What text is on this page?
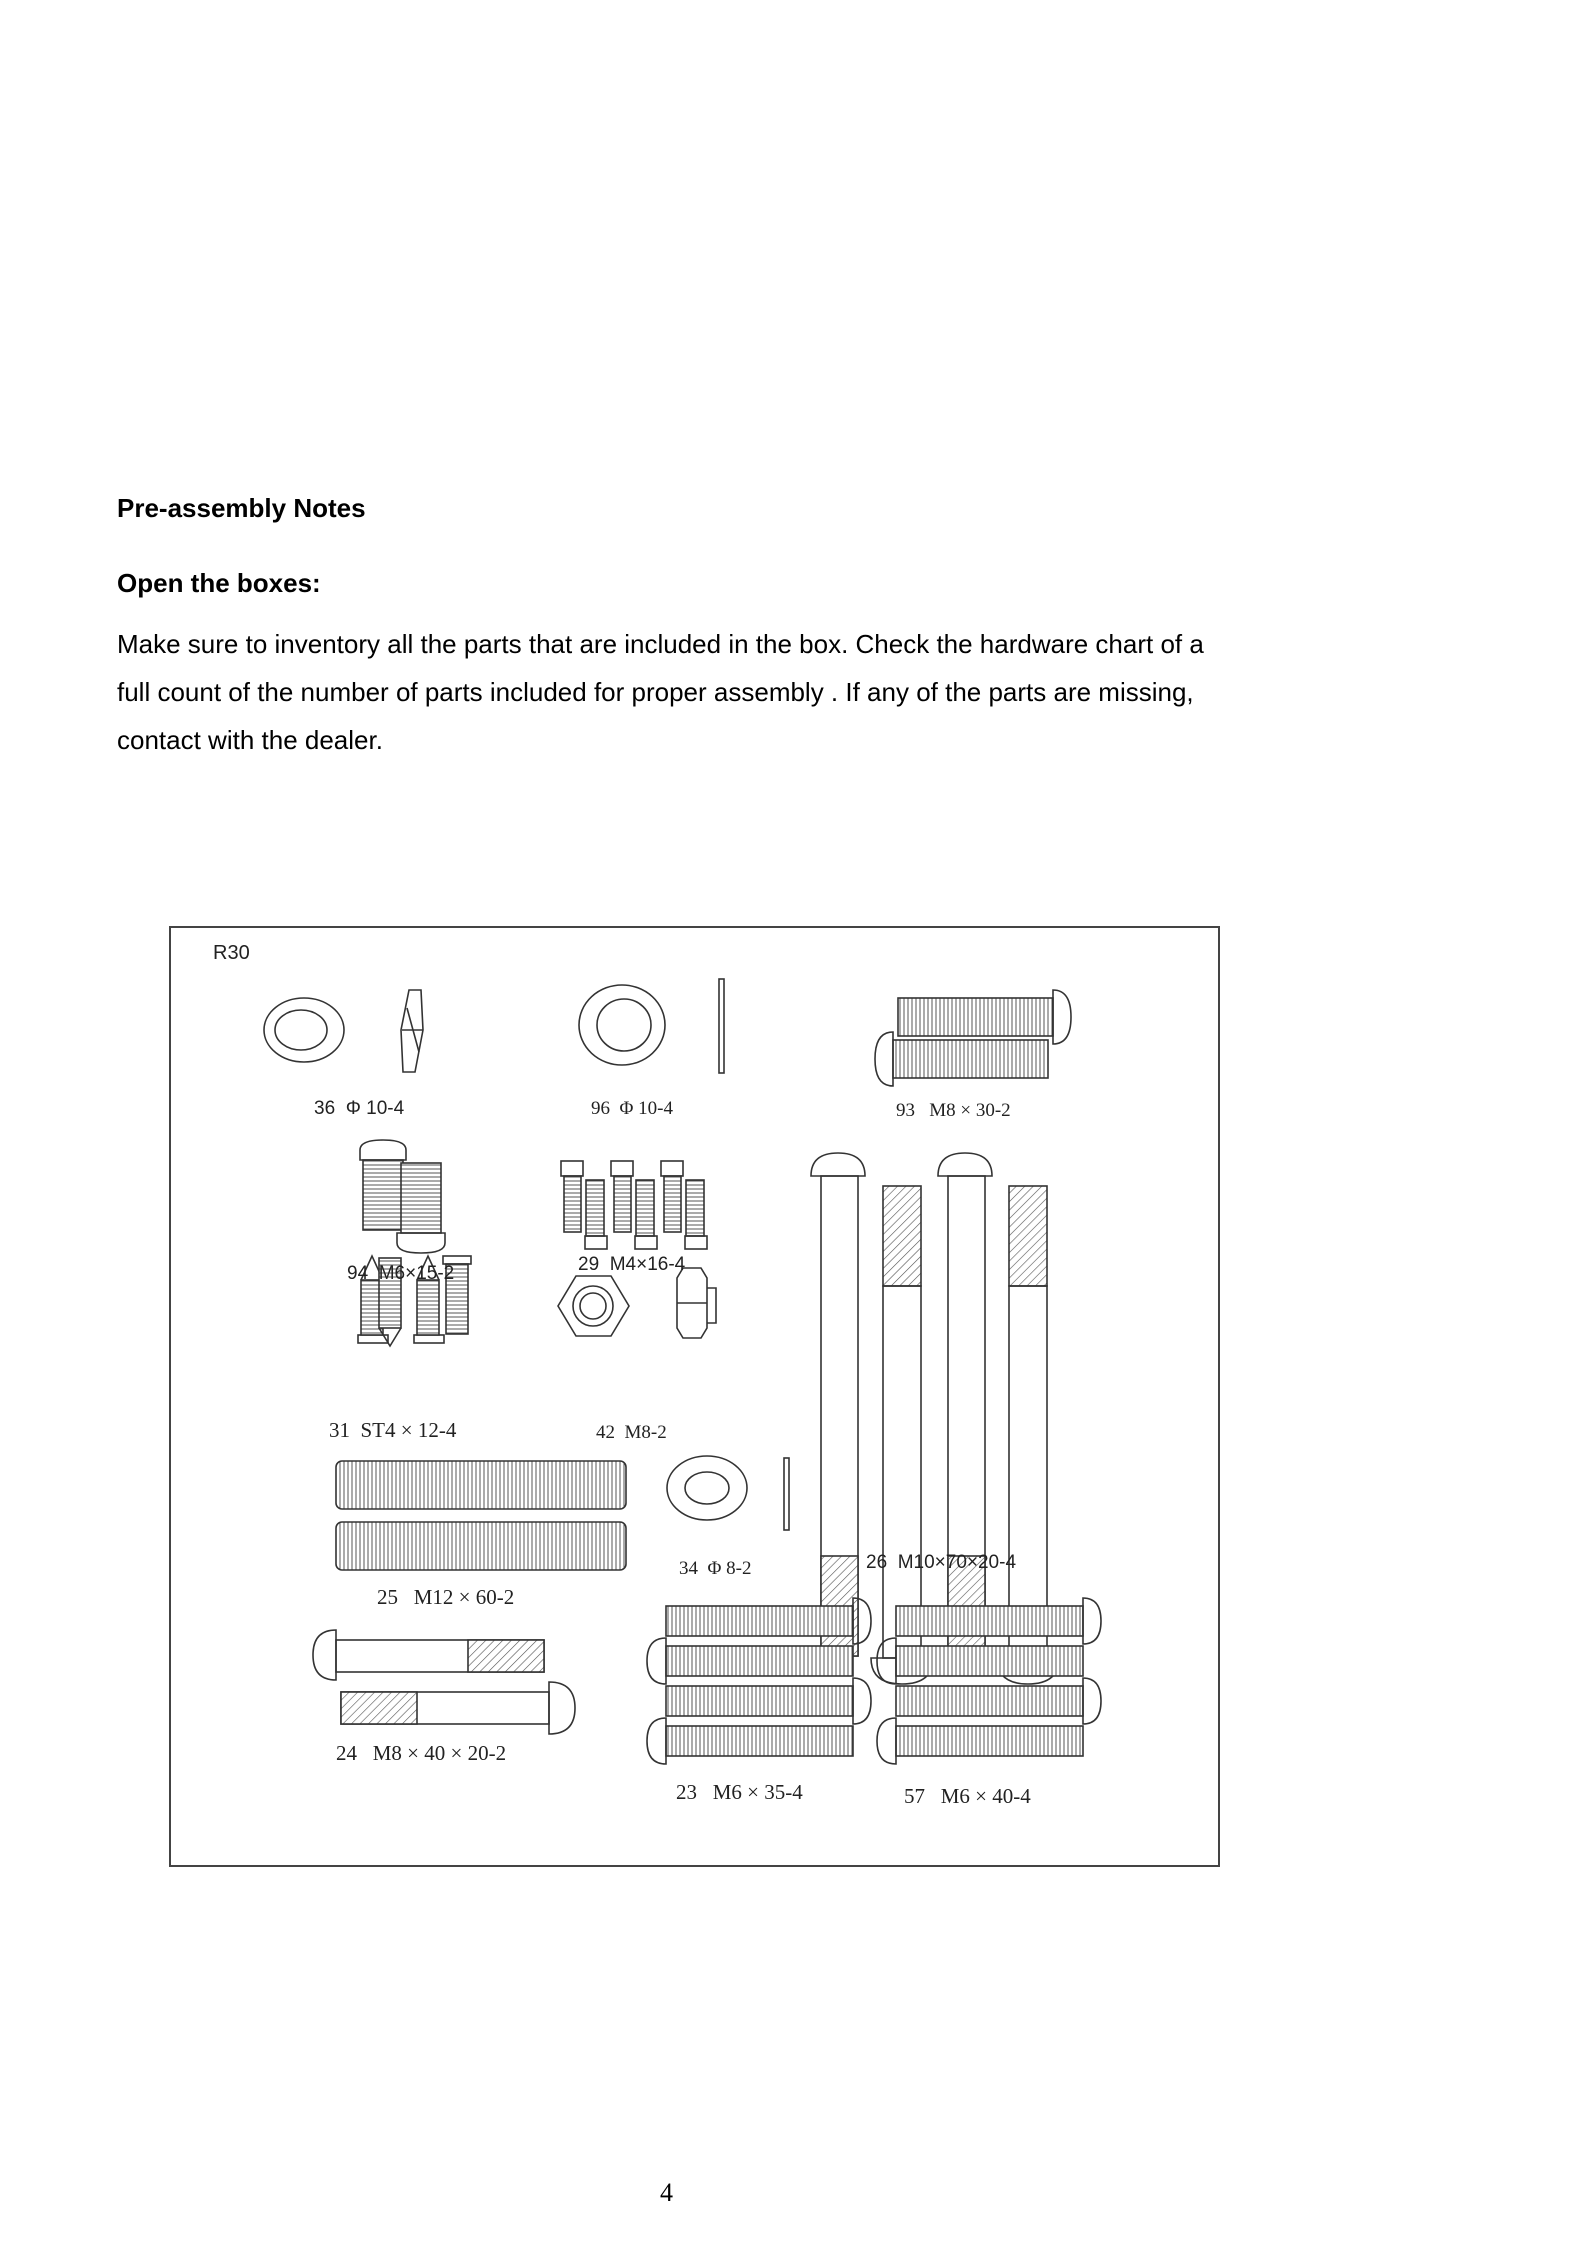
Pre-assembly Notes
Open the boxes:
Make sure to inventory all the parts that are included in the box. Check the hardware chart of a full count of the number of parts included for proper assembly . If any of the parts are missing, contact with the dealer.
R30
36 Φ 10-4	96 Φ 10-4	93 M8 × 30-2
94 M6×15-2	29 M4×16-4
31 ST4 × 12-4	42 M8-2
34 Φ 8-2	26 M10×70×20-4
25 M12 × 60-2
24 M8 × 40 × 20-2
23 M6 × 35-4	57 M6 × 40-4
4
